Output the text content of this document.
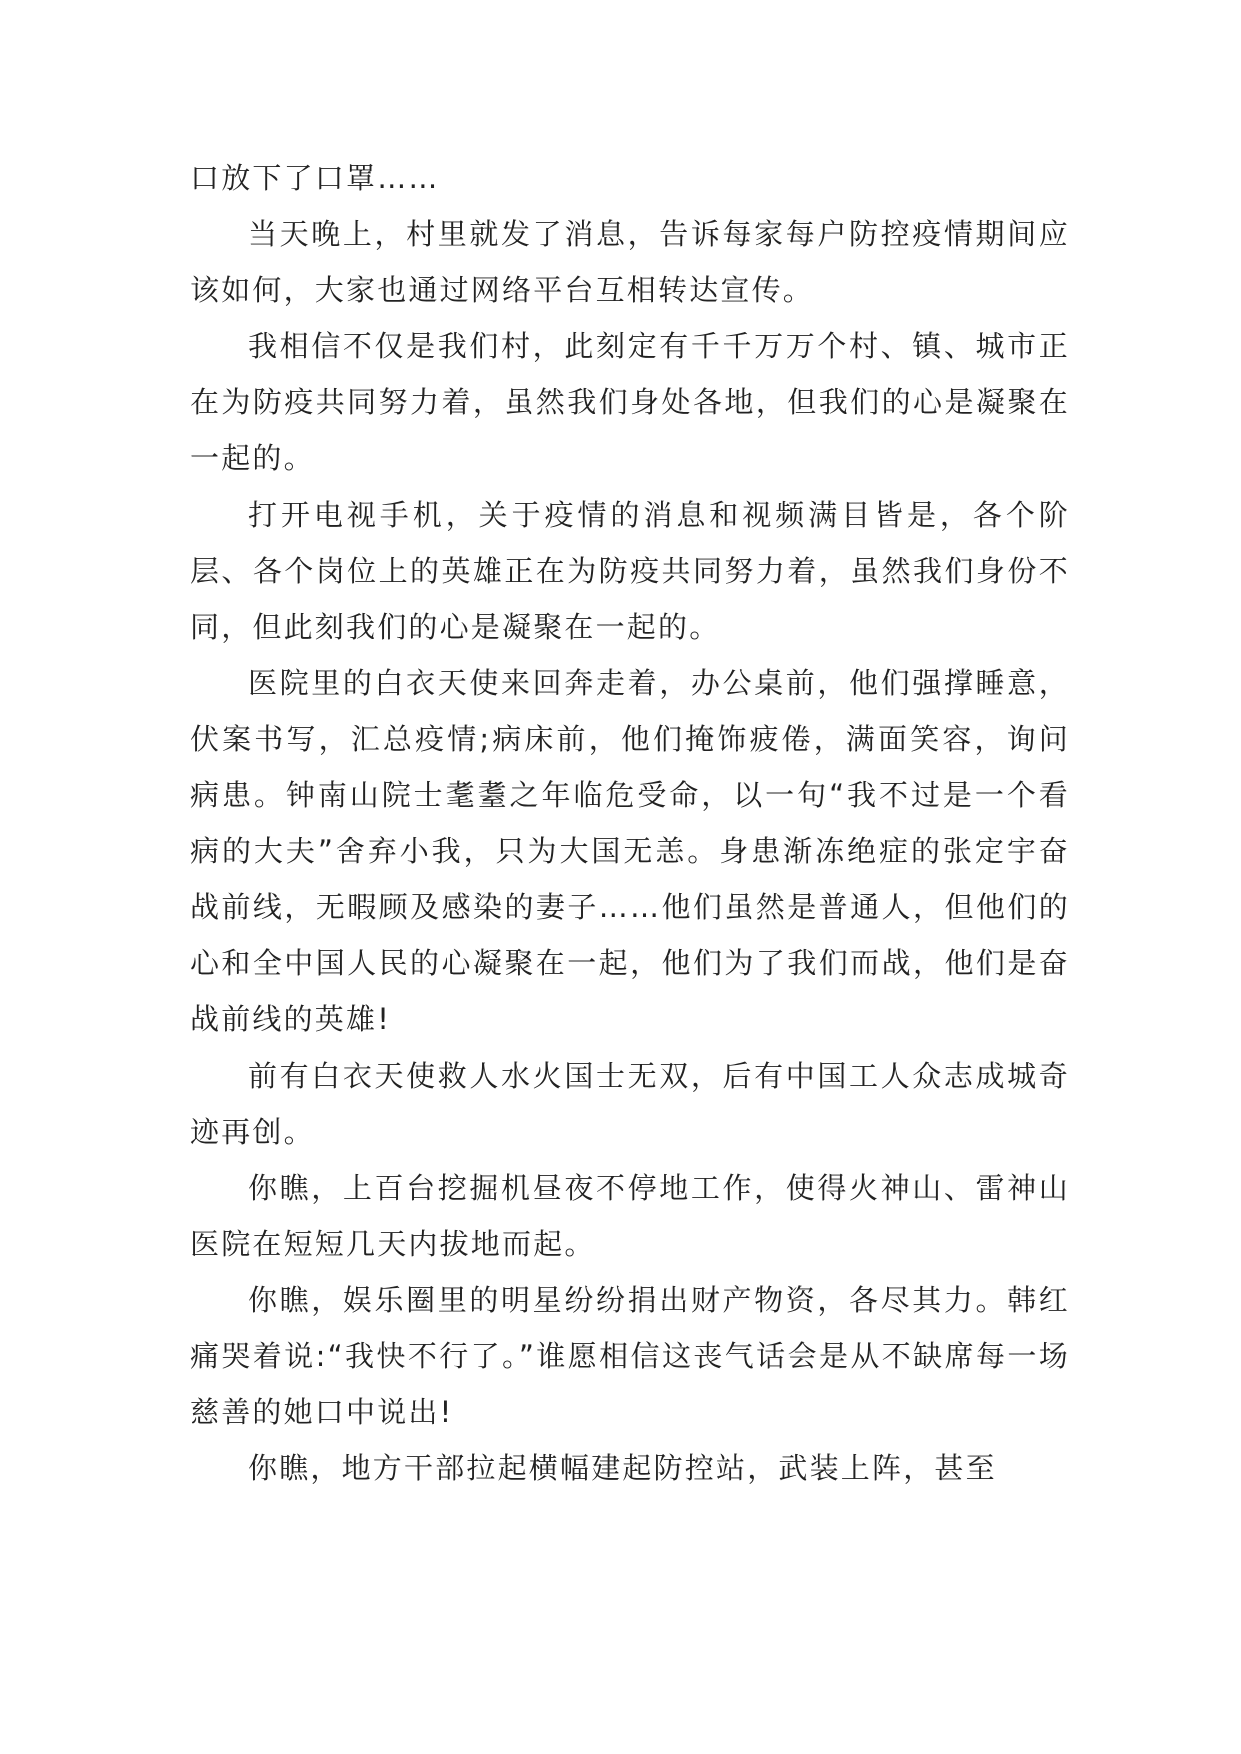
口放下了口罩……

当天晚上，村里就发了消息，告诉每家每户防控疫情期间应该如何，大家也通过网络平台互相转达宣传。

我相信不仅是我们村，此刻定有千千万万个村、镇、城市正在为防疫共同努力着，虽然我们身处各地，但我们的心是凝聚在一起的。

打开电视手机，关于疫情的消息和视频满目皆是，各个阶层、各个岗位上的英雄正在为防疫共同努力着，虽然我们身份不同，但此刻我们的心是凝聚在一起的。

医院里的白衣天使来回奔走着，办公桌前，他们强撑睡意，伏案书写，汇总疫情;病床前，他们掩饰疲倦，满面笑容，询问病患。钟南山院士耄耋之年临危受命，以一句“我不过是一个看病的大夫”舍弃小我，只为大国无恙。身患渐冻绝症的张定宇奋战前线，无暇顾及感染的妻子……他们虽然是普通人，但他们的心和全中国人民的心凝聚在一起，他们为了我们而战，他们是奋战前线的英雄!

前有白衣天使救人水火国士无双，后有中国工人众志成城奇迹再创。

你瞧，上百台挖掘机昼夜不停地工作，使得火神山、雷神山医院在短短几天内拔地而起。

你瞧，娱乐圈里的明星纷纷捐出财产物资，各尽其力。韩红痛哭着说:“我快不行了。”谁愿相信这丧气话会是从不缺席每一场慈善的她口中说出!

你瞧，地方干部拉起横幅建起防控站，武装上阵，甚至
